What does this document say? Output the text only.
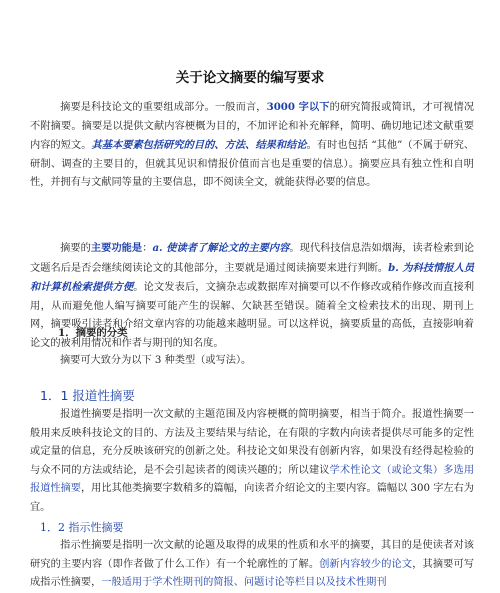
关于论文摘要的编写要求

摘要是科技论文的重要组成部分。一般而言，3000 字以下的研究简报或简讯，才可视情况不附摘要。摘要是以提供文献内容梗概为目的，不加评论和补充解释，简明、确切地记述文献重要内容的短文。其基本要素包括研究的目的、方法、结果和结论。有时也包括 “其他”（不属于研究、研制、调查的主要目的，但就其见识和情报价值而言也是重要的信息）。摘要应具有独立性和自明性，并拥有与文献同等量的主要信息，即不阅读全文，就能获得必要的信息。

摘要的主要功能是：a. 使读者了解论文的主要内容。现代科技信息浩如烟海，读者检索到论文题名后是否会继续阅读论文的其他部分，主要就是通过阅读摘要来进行判断。b. 为科技情报人员和计算机检索提供方便。论文发表后，文摘杂志或数据库对摘要可以不作修改或稍作修改而直接利用，从而避免他人编写摘要可能产生的误解、欠缺甚至错误。随着全文检索技术的出现、期刊上网，摘要吸引读者和介绍文章内容的功能越来越明显。可以这样说，摘要质量的高低，直接影响着论文的被利用情况和作者与期刊的知名度。

1．摘要的分类

摘要可大致分为以下 3 种类型（或写法）。

1．1 报道性摘要

报道性摘要是指明一次文献的主题范围及内容梗概的简明摘要，相当于简介。报道性摘要一般用来反映科技论文的目的、方法及主要结果与结论，在有限的字数内向读者提供尽可能多的定性或定量的信息，充分反映该研究的创新之处。科技论文如果没有创新内容，如果没有经得起检验的与众不同的方法或结论，是不会引起读者的阅读兴趣的；所以建议学术性论文（或论文集）多选用报道性摘要，用比其他类摘要字数稍多的篇幅，向读者介绍论文的主要内容。篇幅以 300 字左右为宜。

1．2 指示性摘要

指示性摘要是指明一次文献的论题及取得的成果的性质和水平的摘要，其目的是使读者对该研究的主要内容（即作者做了什么工作）有一个轮廓性的了解。创新内容较少的论文，其摘要可写成指示性摘要，一般适用于学术性期刊的简报、问题讨论等栏目以及技术性期刊
